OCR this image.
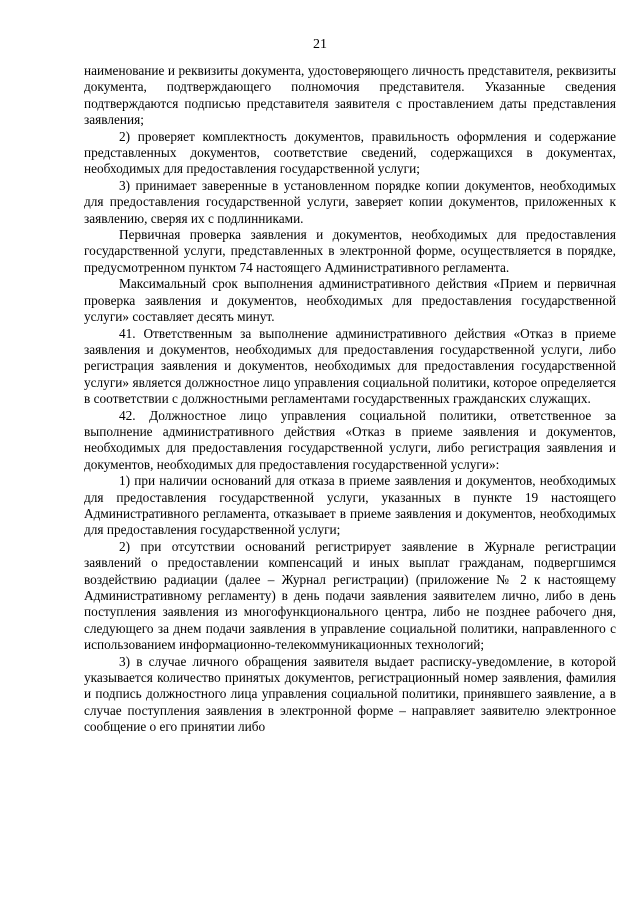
21

наименование и реквизиты документа, удостоверяющего личность представителя, реквизиты документа, подтверждающего полномочия представителя. Указанные сведения подтверждаются подписью представителя заявителя с проставлением даты представления заявления;

2) проверяет комплектность документов, правильность оформления и содержание представленных документов, соответствие сведений, содержащихся в документах, необходимых для предоставления государственной услуги;

3) принимает заверенные в установленном порядке копии документов, необходимых для предоставления государственной услуги, заверяет копии документов, приложенных к заявлению, сверяя их с подлинниками.

Первичная проверка заявления и документов, необходимых для предоставления государственной услуги, представленных в электронной форме, осуществляется в порядке, предусмотренном пунктом 74 настоящего Административного регламента.

Максимальный срок выполнения административного действия «Прием и первичная проверка заявления и документов, необходимых для предоставления государственной услуги» составляет десять минут.

41. Ответственным за выполнение административного действия «Отказ в приеме заявления и документов, необходимых для предоставления государственной услуги, либо регистрация заявления и документов, необходимых для предоставления государственной услуги» является должностное лицо управления социальной политики, которое определяется в соответствии с должностными регламентами государственных гражданских служащих.

42. Должностное лицо управления социальной политики, ответственное за выполнение административного действия «Отказ в приеме заявления и документов, необходимых для предоставления государственной услуги, либо регистрация заявления и документов, необходимых для предоставления государственной услуги»:

1) при наличии оснований для отказа в приеме заявления и документов, необходимых для предоставления государственной услуги, указанных в пункте 19 настоящего Административного регламента, отказывает в приеме заявления и документов, необходимых для предоставления государственной услуги;

2) при отсутствии оснований регистрирует заявление в Журнале регистрации заявлений о предоставлении компенсаций и иных выплат гражданам, подвергшимся воздействию радиации (далее – Журнал регистрации) (приложение № 2 к настоящему Административному регламенту) в день подачи заявления заявителем лично, либо в день поступления заявления из многофункционального центра, либо не позднее рабочего дня, следующего за днем подачи заявления в управление социальной политики, направленного с использованием информационно-телекоммуникационных технологий;

3) в случае личного обращения заявителя выдает расписку-уведомление, в которой указывается количество принятых документов, регистрационный номер заявления, фамилия и подпись должностного лица управления социальной политики, принявшего заявление, а в случае поступления заявления в электронной форме – направляет заявителю электронное сообщение о его принятии либо
